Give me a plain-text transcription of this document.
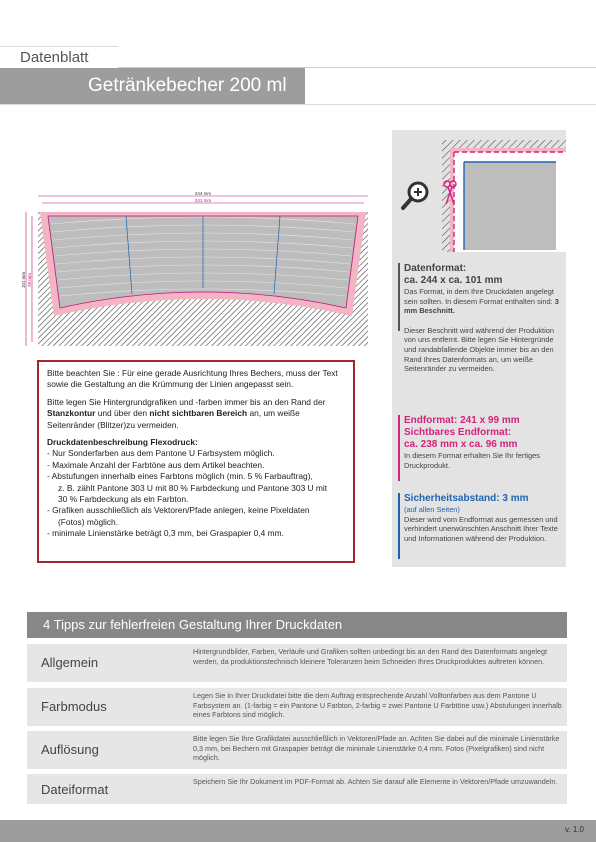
Datenblatt
Getränkebecher 200 ml
244 mm
241 mm
101 mm 99 mm

Bitte beachten Sie : Für eine gerade Ausrichtung Ihres Bechers, muss der Text sowie die Gestaltung an die Krümmung der Linien angepasst sein.

Bitte legen Sie Hintergrundgrafiken und -farben immer bis an den Rand der Stanzkontur und über den nicht sichtbaren Bereich an, um weiße Seitenränder (Blitzer)zu vermeiden.

Druckdatenbeschreibung Flexodruck:
- Nur Sonderfarben aus dem Pantone U Farbsystem möglich.
- Maximale Anzahl der Farbtöne aus dem Artikel beachten.
- Abstufungen innerhalb eines Farbtons möglich (min. 5 % Farbauftrag),
z. B. zählt Pantone 303 U mit 80 % Farbdeckung und Pantone 303 U mit
30 % Farbdeckung als ein Farbton.
- Grafiken ausschließlich als Vektoren/Pfade anlegen, keine Pixeldaten
(Fotos) möglich.
- minimale Linienstärke beträgt 0,3 mm, bei Graspapier 0,4 mm.
Datenformat:
ca. 244 x ca. 101 mm
Das Format, in dem Ihre Druckdaten angelegt sein sollten. In diesem Format enthalten sind: 3 mm Beschnitt.
Dieser Beschnitt wird während der Produktion von uns entfernt. Bitte legen Sie Hintergründe und randabfallende Objekte immer bis an den Rand Ihres Datenformats an, um weiße Seitenränder zu vermeiden.
Endformat: 241 x 99 mm
Sichtbares Endformat:
ca. 238 mm x ca. 96 mm
In diesem Format erhalten Sie Ihr fertiges Druckprodukt.
Sicherheitsabstand: 3 mm
(auf allen Seiten)
Dieser wird vom Endformat aus gemessen und verhindert unerwünschten Anschnitt Ihrer Texte und Informationen während der Produktion.
4 Tipps zur fehlerfreien Gestaltung Ihrer Druckdaten
Allgemein
Hintergrundbilder, Farben, Verläufe und Grafiken sollten unbedingt bis an den Rand des Datenformats angelegt werden, da produktionstechnisch kleinere Toleranzen beim Schneiden Ihres Druckproduktes auftreten können.
Farbmodus
Legen Sie in Ihrer Druckdatei bitte die dem Auftrag entsprechende Anzahl Volltonfarben aus dem Pantone U Farbsystem an. (1-farbig = ein Pantone U Farbton, 2-farbig = zwei Pantone U Farbtöne usw.) Abstufungen innerhalb eines Farbtons sind möglich.
Auflösung
Bitte legen Sie Ihre Grafikdatei ausschließlich in Vektoren/Pfade an. Achten Sie dabei auf die minimale Linienstärke 0,3 mm, bei Bechern mit Graspapier beträgt die minimale Linienstärke 0,4 mm. Fotos (Pixelgrafiken) sind nicht möglich.
Dateiformat
Speichern Sie Ihr Dokument im PDF-Format ab. Achten Sie darauf alle Elemente in Vektoren/Pfade umzuwandeln.
v. 1.0
